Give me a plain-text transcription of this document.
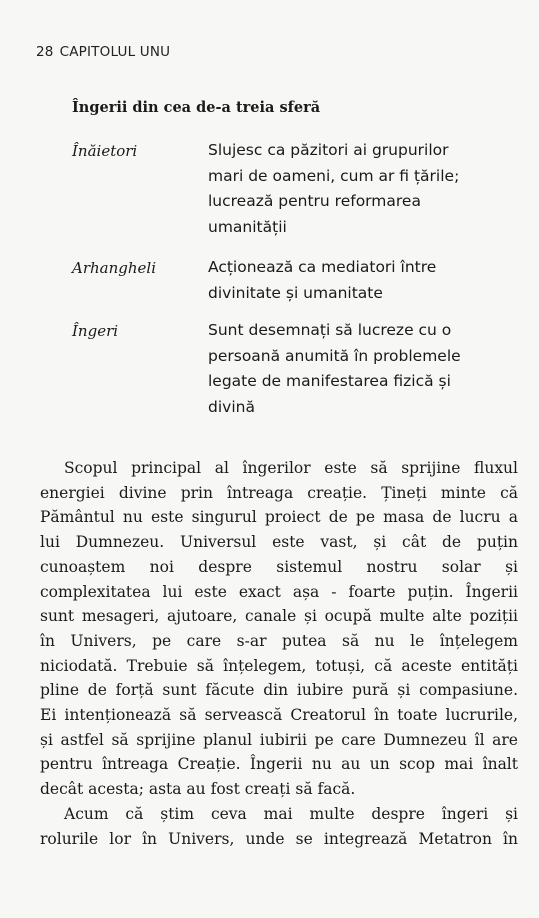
28 CAPITOLUL UNU
Îngerii din cea de-a treia sferă
Înăietori	Slujesc ca păzitori ai grupurilor
mari de oameni, cum ar fi țările;
lucrează pentru reformarea
umanității
Arhangheli	Acționează ca mediatori între
divinitate și umanitate
Îngeri	Sunt desemnați să lucreze cu o
persoană anumită în problemele
legate de manifestarea fizică și
divină
Scopul principal al îngerilor este să sprijine fluxul
energiei divine prin întreaga creație. Țineți minte că
Pământul nu este singurul proiect de pe masa de lucru a
lui Dumnezeu. Universul este vast, și cât de puțin
cunoaștem noi despre sistemul nostru solar și
complexitatea lui este exact așa - foarte puțin. Îngerii
sunt mesageri, ajutoare, canale și ocupă multe alte poziții
în Univers, pe care s-ar putea să nu le înțelegem
niciodată. Trebuie să înțelegem, totuși, că aceste entități
pline de forță sunt făcute din iubire pură și compasiune.
Ei intenționează să servească Creatorul în toate lucrurile,
și astfel să sprijine planul iubirii pe care Dumnezeu îl are
pentru întreaga Creație. Îngerii nu au un scop mai înalt
decât acesta; asta au fost creați să facă.
Acum că știm ceva mai multe despre îngeri și
rolurile lor în Univers, unde se integrează Metatron în
